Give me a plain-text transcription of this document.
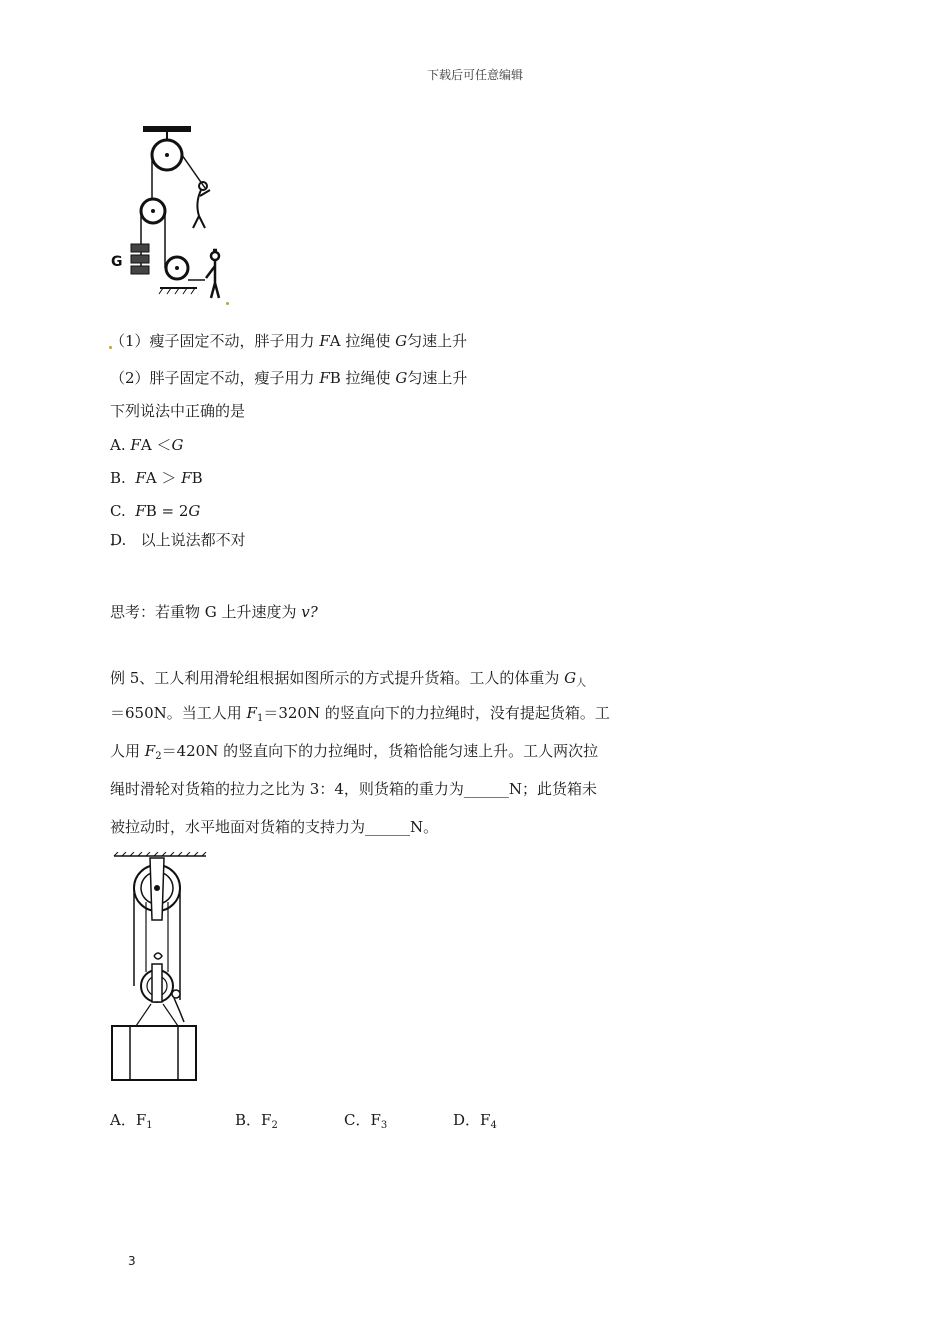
下载后可任意编辑
G
（1）瘦子固定不动，胖子用力 FA 拉绳使 G匀速上升
（2）胖子固定不动，瘦子用力 FB 拉绳使 G匀速上升
下列说法中正确的是
A. FA ＜G
B. FA ＞ FB
C. FB = 2G
D. 以上说法都不对
思考：若重物 G 上升速度为 v?
例 5、工人利用滑轮组根据如图所示的方式提升货箱。工人的体重为 $G_人$
＝650N。当工人用 $F_1=320N$ 的竖直向下的力拉绳时，没有提起货箱。工
人用 $F_2=420N$ 的竖直向下的力拉绳时，货箱恰能匀速上升。工人两次拉
绳时滑轮对货箱的拉力之比为 3：4，则货箱的重力为______N；此货箱未
被拉动时，水平地面对货箱的支持力为______N。
A．$F_1$	B．$F_2$	C．$F_3$	D．$F_4$
3
